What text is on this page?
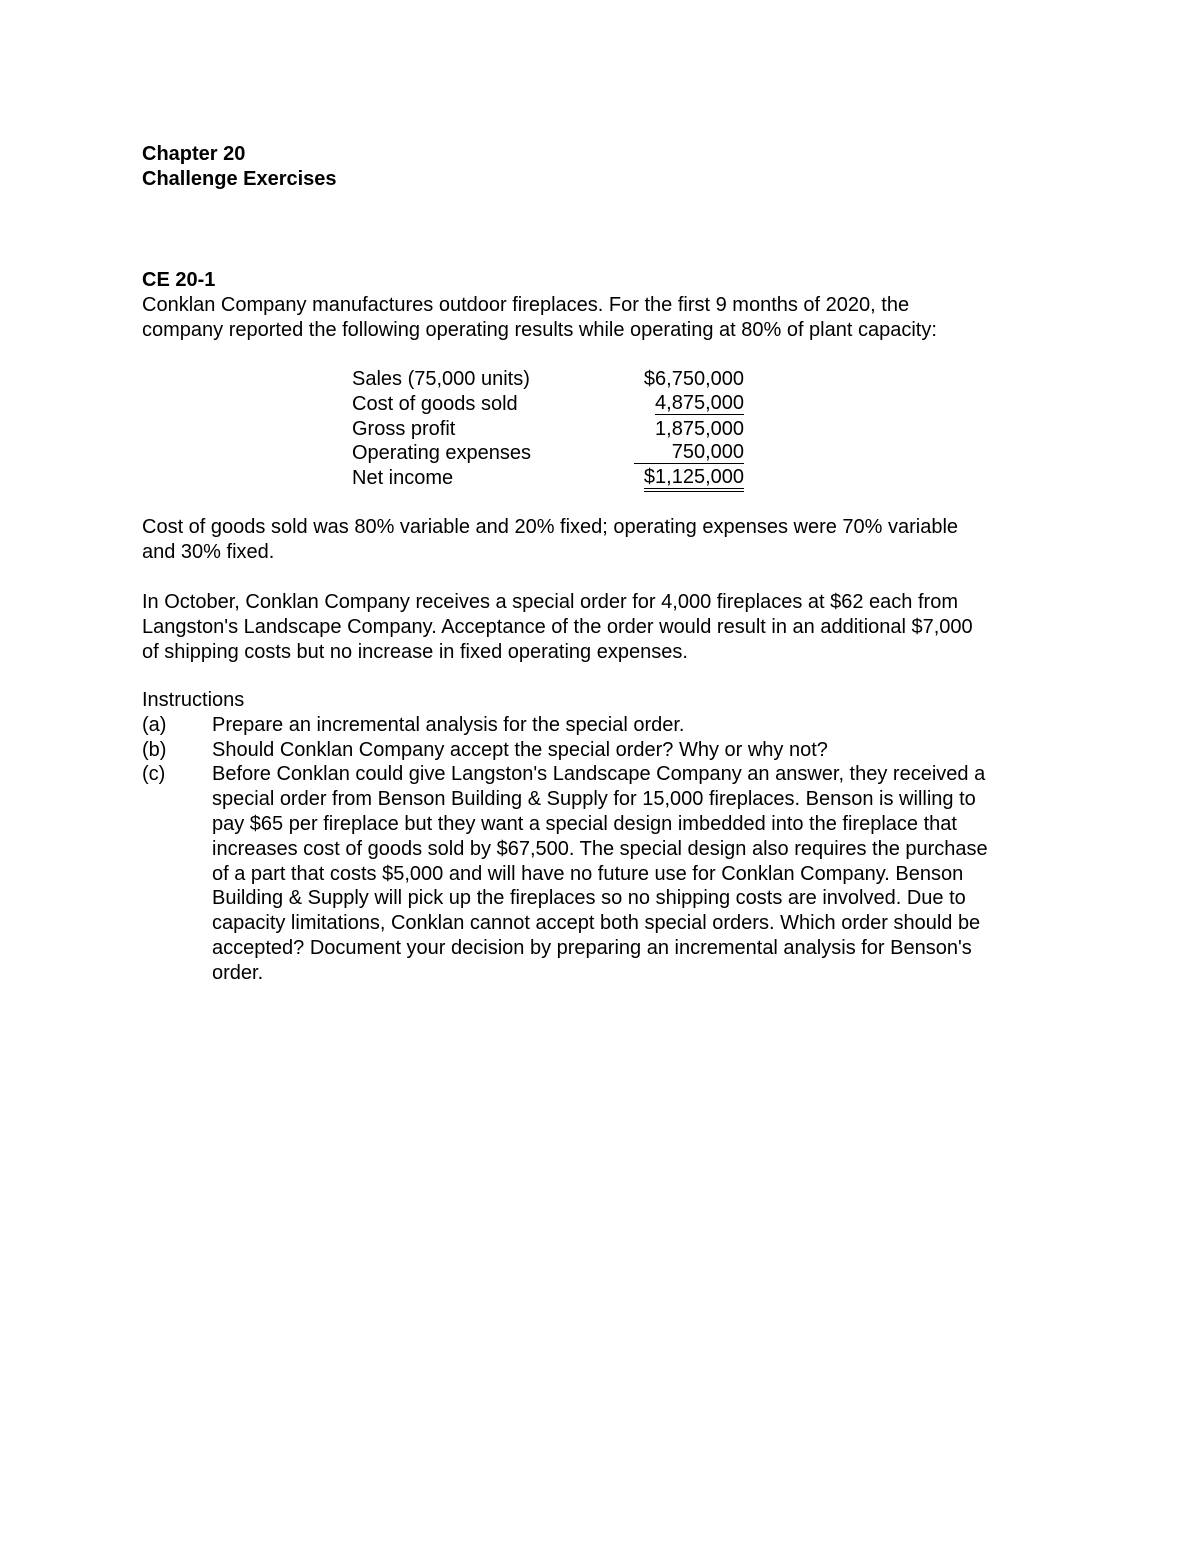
Chapter 20
Challenge Exercises
CE 20-1
Conklan Company manufactures outdoor fireplaces. For the first 9 months of 2020, the
company reported the following operating results while operating at 80% of plant capacity:
Sales (75,000 units)	$6,750,000
Cost of goods sold	4,875,000
Gross profit	1,875,000
Operating expenses	750,000
Net income	$1,125,000
Cost of goods sold was 80% variable and 20% fixed; operating expenses were 70% variable
and 30% fixed.
In October, Conklan Company receives a special order for 4,000 fireplaces at $62 each from
Langston's Landscape Company. Acceptance of the order would result in an additional $7,000
of shipping costs but no increase in fixed operating expenses.
Instructions
(a) Prepare an incremental analysis for the special order.
(b) Should Conklan Company accept the special order? Why or why not?
(c) Before Conklan could give Langston's Landscape Company an answer, they received a
special order from Benson Building & Supply for 15,000 fireplaces. Benson is willing to
pay $65 per fireplace but they want a special design imbedded into the fireplace that
increases cost of goods sold by $67,500. The special design also requires the purchase
of a part that costs $5,000 and will have no future use for Conklan Company. Benson
Building & Supply will pick up the fireplaces so no shipping costs are involved. Due to
capacity limitations, Conklan cannot accept both special orders. Which order should be
accepted? Document your decision by preparing an incremental analysis for Benson's
order.
